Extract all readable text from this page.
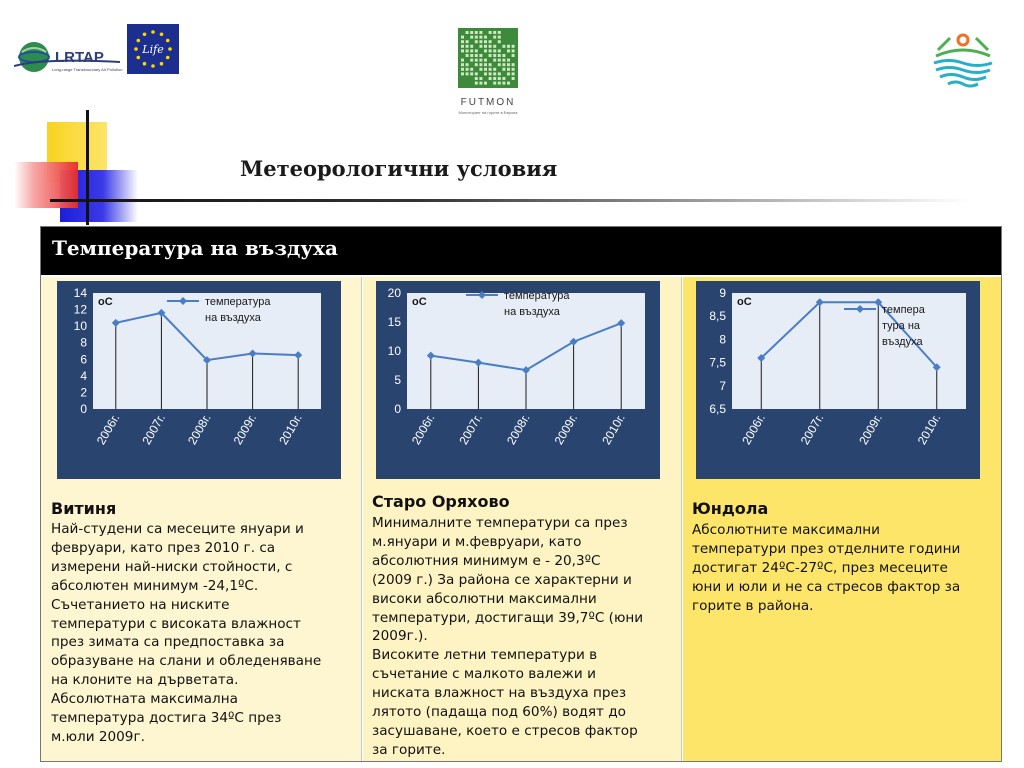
LRTAP
Long-range Transboundary Air Pollution
Life
FUTMON
Мониторинг на горите в Европа
Метеорологични условия
Температура на въздуха
0
2
4
6
8
10
12
14
oC
2006г. 2007г. 2008г. 2009г. 2010г.
температура
на въздуха
Витиня
Най-студени са месеците януари и
февруари, като през 2010 г. са
измерени най-ниски стойности, с
абсолютен минимум -24,1ºС.
Съчетанието на ниските
температури с високата влажност
през зимата са предпоставка за
образуване на слани и обледеняване
на клоните на дърветата.
Абсолютната максимална
температура достига 34ºС през
м.юли 2009г.
0
5
10
15
20
oC
2006г. 2007г. 2008г. 2009г. 2010г.
температура
на въздуха
Старо Оряхово
Минималните температури са през
м.януари и м.февруари, като
абсолютния минимум е - 20,3ºС
(2009 г.) За района се характерни и
високи абсолютни максимални
температури, достигащи 39,7ºС (юни
2009г.).
Високите летни температури в
съчетание с малкото валежи и
ниската влажност на въздуха през
лятото (падаща под 60%) водят до
засушаване, което е стресов фактор
за горите.
6,5
7
7,5
8
8,5
9
oC
2006г. 2007г. 2009г. 2010г.
темпера
тура на
въздуха
Юндола
Абсолютните максимални
температури през отделните години
достигат 24ºС-27ºС, през месеците
юни и юли и не са стресов фактор за
горите в района.
